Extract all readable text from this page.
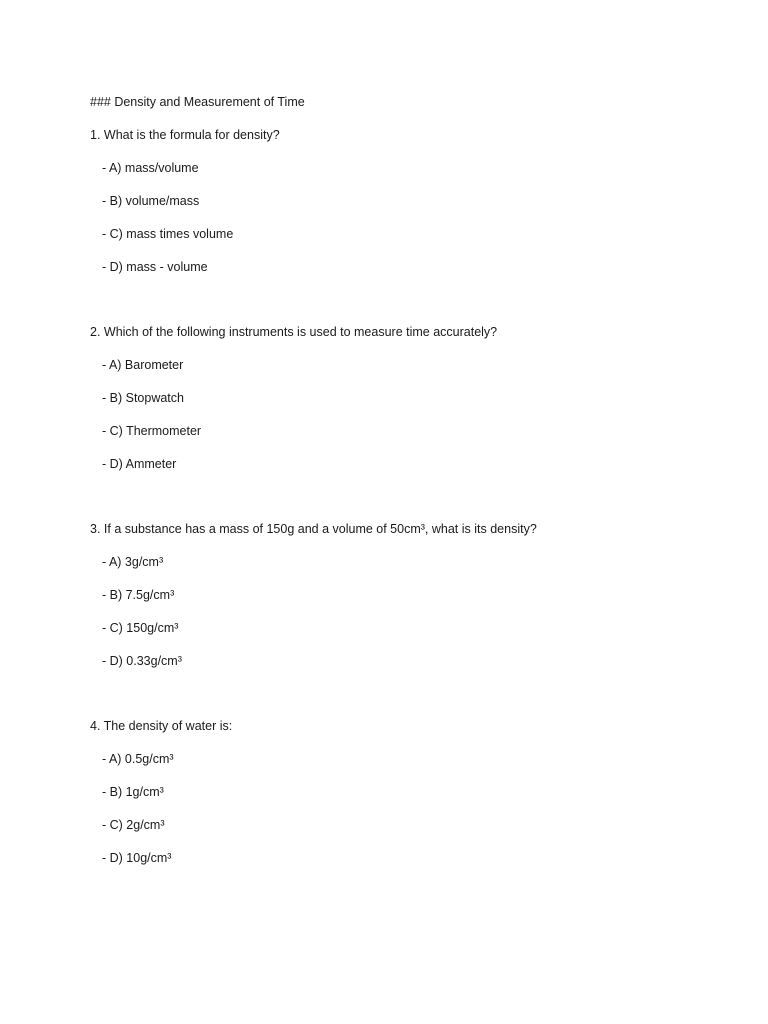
### Density and Measurement of Time
1. What is the formula for density?
- A) mass/volume
- B) volume/mass
- C) mass times volume
- D) mass - volume
2. Which of the following instruments is used to measure time accurately?
- A) Barometer
- B) Stopwatch
- C) Thermometer
- D) Ammeter
3. If a substance has a mass of 150g and a volume of 50cm³, what is its density?
- A) 3g/cm³
- B) 7.5g/cm³
- C) 150g/cm³
- D) 0.33g/cm³
4. The density of water is:
- A) 0.5g/cm³
- B) 1g/cm³
- C) 2g/cm³
- D) 10g/cm³
